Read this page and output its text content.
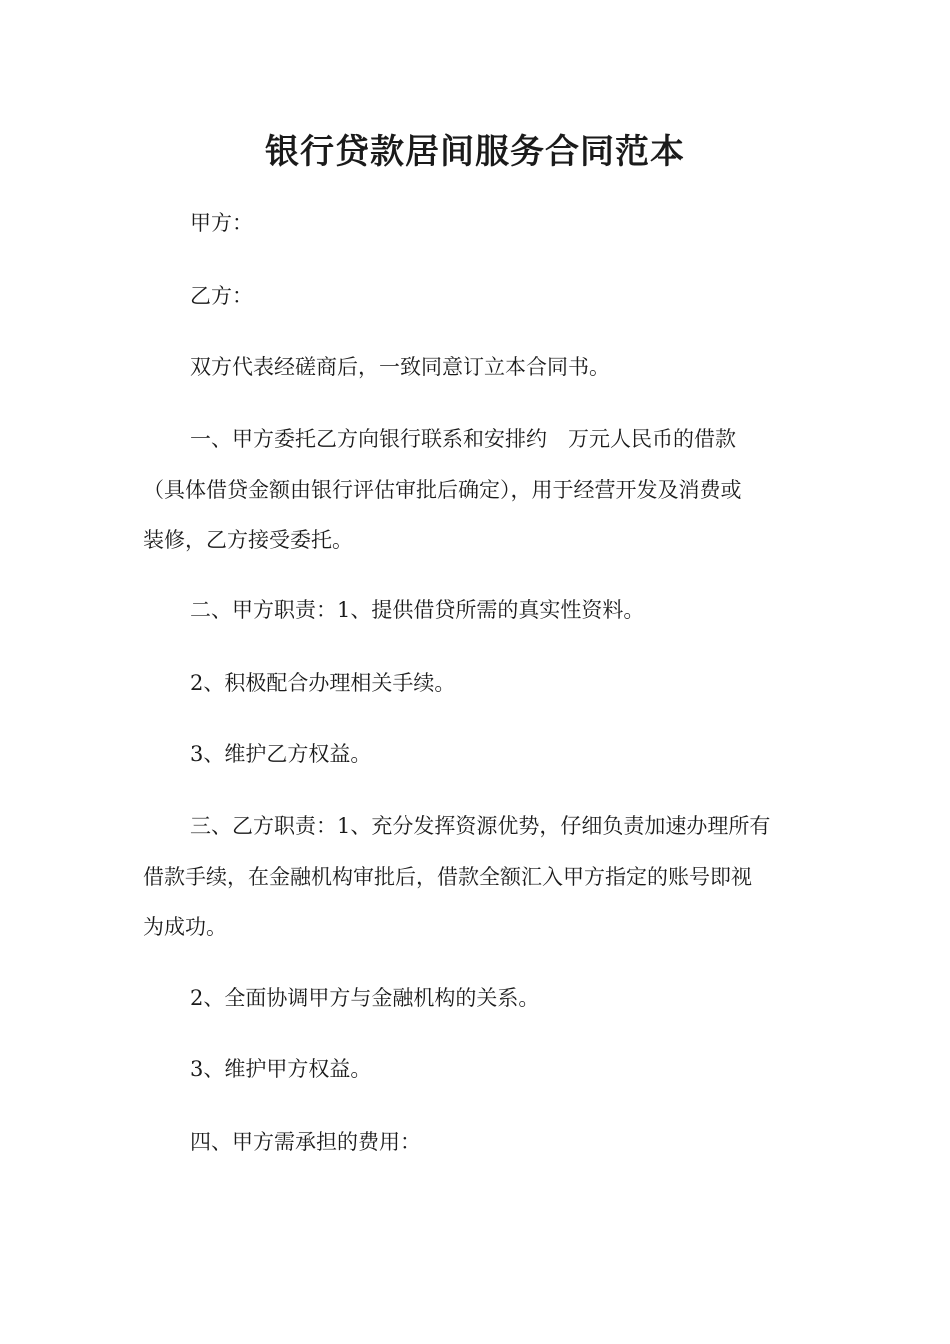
银行贷款居间服务合同范本

甲方：

乙方：

双方代表经磋商后，一致同意订立本合同书。

一、甲方委托乙方向银行联系和安排约　万元人民币的借款

（具体借贷金额由银行评估审批后确定），用于经营开发及消费或

装修，乙方接受委托。

二、甲方职责：1、提供借贷所需的真实性资料。

2、积极配合办理相关手续。

3、维护乙方权益。

三、乙方职责：1、充分发挥资源优势，仔细负责加速办理所有

借款手续，在金融机构审批后，借款全额汇入甲方指定的账号即视

为成功。

2、全面协调甲方与金融机构的关系。

3、维护甲方权益。

四、甲方需承担的费用：
